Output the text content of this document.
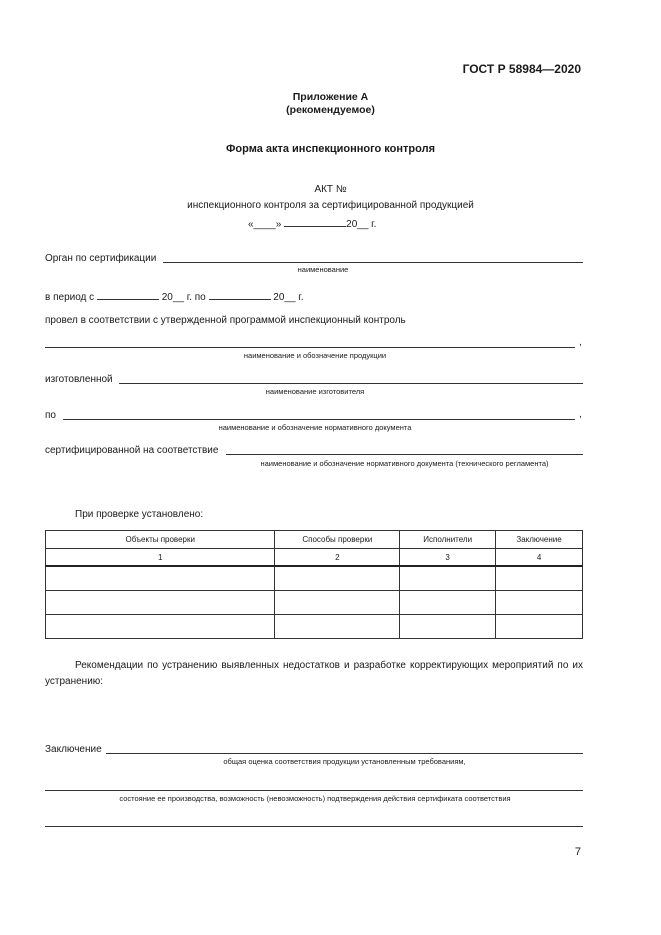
ГОСТ Р 58984—2020
Приложение А
(рекомендуемое)
Форма акта инспекционного контроля
АКТ №
инспекционного контроля за сертифицированной продукцией
«____»	20__ г.
Орган по сертификации
наименование
в период с	20__ г. по	20__ г.
провел в соответствии с утвержденной программой инспекционный контроль
,
наименование и обозначение продукции
изготовленной
наименование изготовителя
по	,
наименование и обозначение нормативного документа
сертифицированной на соответствие
наименование и обозначение нормативного документа (технического регламента)
При проверке установлено:
Объекты проверки	Способы проверки	Исполнители	Заключение
1	2	3	4

Рекомендации по устранению выявленных недостатков и разработке корректирующих мероприятий по их устранению:
Заключение
общая оценка соответствия продукции установленным требованиям,
состояние ее производства, возможность (невозможность) подтверждения действия сертификата соответствия
7
